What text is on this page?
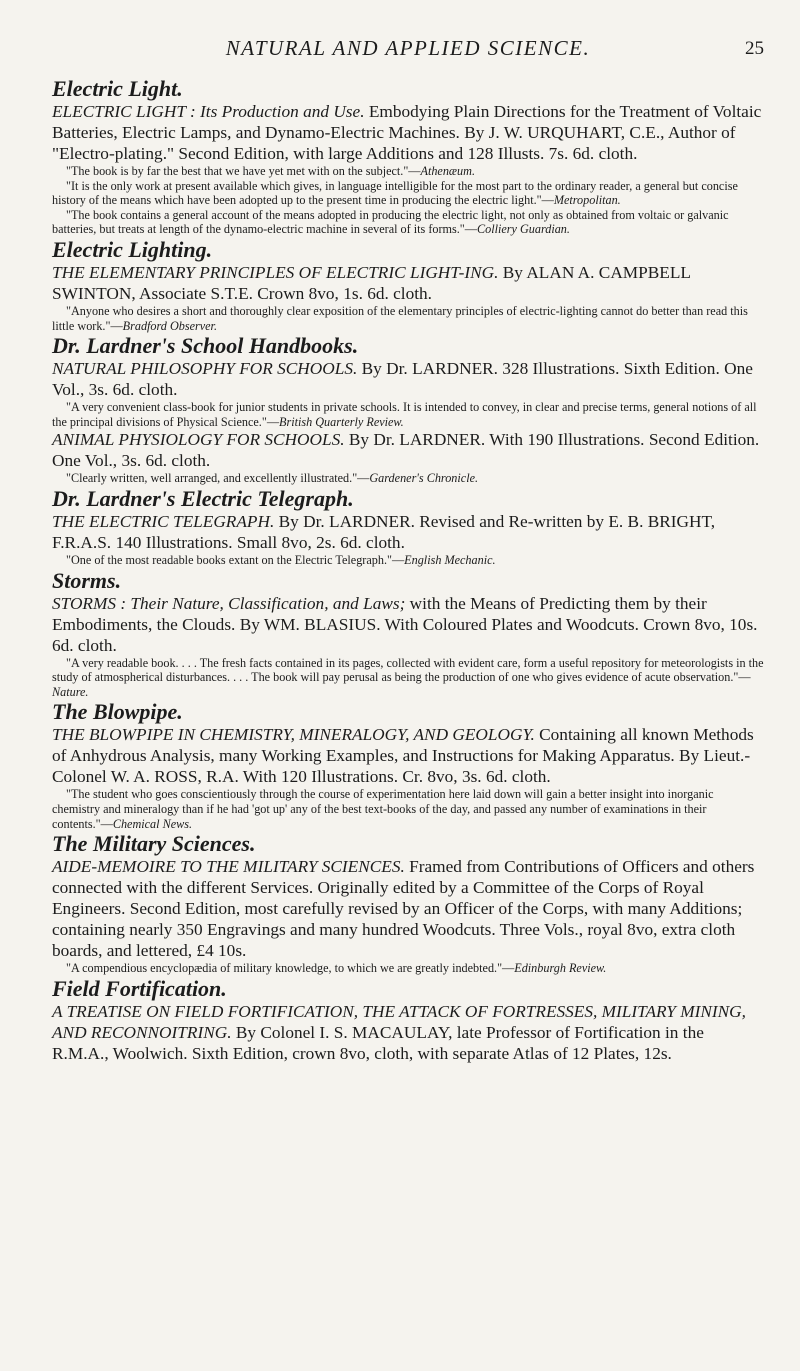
NATURAL AND APPLIED SCIENCE.	25
Electric Light.

ELECTRIC LIGHT : Its Production and Use. Embodying Plain Directions for the Treatment of Voltaic Batteries, Electric Lamps, and Dynamo-Electric Machines. By J. W. URQUHART, C.E., Author of "Electro-plating." Second Edition, with large Additions and 128 Illusts. 7s. 6d. cloth.

"The book is by far the best that we have yet met with on the subject."—Athenæum.

"It is the only work at present available which gives, in language intelligible for the most part to the ordinary reader, a general but concise history of the means which have been adopted up to the present time in producing the electric light."—Metropolitan.

"The book contains a general account of the means adopted in producing the electric light, not only as obtained from voltaic or galvanic batteries, but treats at length of the dynamo-electric machine in several of its forms."—Colliery Guardian.

Electric Lighting.

THE ELEMENTARY PRINCIPLES OF ELECTRIC LIGHT-ING. By ALAN A. CAMPBELL SWINTON, Associate S.T.E. Crown 8vo, 1s. 6d. cloth.

"Anyone who desires a short and thoroughly clear exposition of the elementary principles of electric-lighting cannot do better than read this little work."—Bradford Observer.

Dr. Lardner's School Handbooks.

NATURAL PHILOSOPHY FOR SCHOOLS. By Dr. LARDNER. 328 Illustrations. Sixth Edition. One Vol., 3s. 6d. cloth.

"A very convenient class-book for junior students in private schools. It is intended to convey, in clear and precise terms, general notions of all the principal divisions of Physical Science."—British Quarterly Review.

ANIMAL PHYSIOLOGY FOR SCHOOLS. By Dr. LARDNER. With 190 Illustrations. Second Edition. One Vol., 3s. 6d. cloth.

"Clearly written, well arranged, and excellently illustrated."—Gardener's Chronicle.

Dr. Lardner's Electric Telegraph.

THE ELECTRIC TELEGRAPH. By Dr. LARDNER. Revised and Re-written by E. B. BRIGHT, F.R.A.S. 140 Illustrations. Small 8vo, 2s. 6d. cloth.

"One of the most readable books extant on the Electric Telegraph."—English Mechanic.

Storms.

STORMS : Their Nature, Classification, and Laws; with the Means of Predicting them by their Embodiments, the Clouds. By WM. BLASIUS. With Coloured Plates and Woodcuts. Crown 8vo, 10s. 6d. cloth.

"A very readable book. . . . The fresh facts contained in its pages, collected with evident care, form a useful repository for meteorologists in the study of atmospherical disturbances. . . . The book will pay perusal as being the production of one who gives evidence of acute observation."—Nature.

The Blowpipe.

THE BLOWPIPE IN CHEMISTRY, MINERALOGY, AND GEOLOGY. Containing all known Methods of Anhydrous Analysis, many Working Examples, and Instructions for Making Apparatus. By Lieut.-Colonel W. A. ROSS, R.A. With 120 Illustrations. Cr. 8vo, 3s. 6d. cloth.

"The student who goes conscientiously through the course of experimentation here laid down will gain a better insight into inorganic chemistry and mineralogy than if he had 'got up' any of the best text-books of the day, and passed any number of examinations in their contents."—Chemical News.

The Military Sciences.

AIDE-MEMOIRE TO THE MILITARY SCIENCES. Framed from Contributions of Officers and others connected with the different Services. Originally edited by a Committee of the Corps of Royal Engineers. Second Edition, most carefully revised by an Officer of the Corps, with many Additions; containing nearly 350 Engravings and many hundred Woodcuts. Three Vols., royal 8vo, extra cloth boards, and lettered, £4 10s.

"A compendious encyclopædia of military knowledge, to which we are greatly indebted."—Edinburgh Review.

Field Fortification.

A TREATISE ON FIELD FORTIFICATION, THE ATTACK OF FORTRESSES, MILITARY MINING, AND RECONNOITRING. By Colonel I. S. MACAULAY, late Professor of Fortification in the R.M.A., Woolwich. Sixth Edition, crown 8vo, cloth, with separate Atlas of 12 Plates, 12s.
